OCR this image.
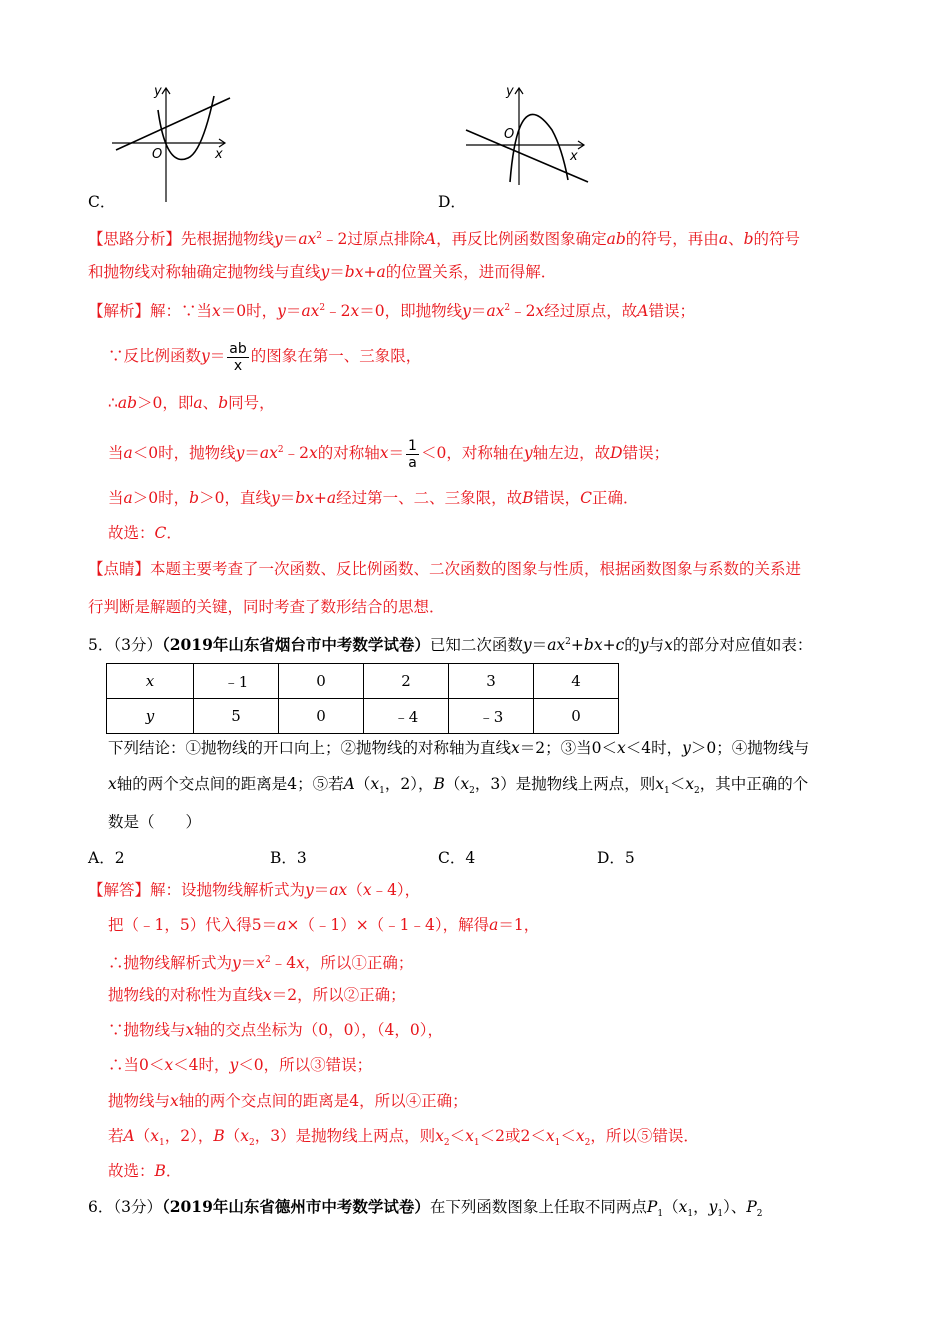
y
x
O
C．
y
x
O
D．
【思路分析】先根据抛物线$y=ax^2﹣2$过原点排除A，再反比例函数图象确定ab的符号，再由a、b的符号
和抛物线对称轴确定抛物线与直线y＝bx+a的位置关系，进而得解．
【解析】解：∵当x＝0时，$y=ax^2﹣2x=0$，即抛物线$y=ax^2﹣2x$经过原点，故A错误；
∵反比例函数$y= \frac{ab}{x}$ 的图象在第一、三象限，
∴ab＞0，即a、b同号，
当a＜0时，抛物线$y=ax^2﹣2x$的对称轴$x= \frac{1}{a} <0$，对称轴在y轴左边，故D错误；
当a＞0时，b＞0，直线y＝bx+a经过第一、二、三象限，故B错误，C正确．
故选：C．
【点睛】本题主要考查了一次函数、反比例函数、二次函数的图象与性质，根据函数图象与系数的关系进
行判断是解题的关键，同时考查了数形结合的思想．
5．（3分）（2019年山东省烟台市中考数学试卷）已知二次函数$y=ax^2+bx+c$的y与x的部分对应值如表：
x	﹣1	0	2	3	4
y	5	0	﹣4	﹣3	0
下列结论：①抛物线的开口向上；②抛物线的对称轴为直线x＝2；③当0＜x＜4时，y＞0；④抛物线与
x轴的两个交点间的距离是4；⑤若$A(x_1$，2），$B(x_2$，3）是抛物线上两点，则$x_1<x_2$，其中正确的个
数是（　　）
A．2	B．3	C．4	D．5
【解答】解：设抛物线解析式为y＝ax（x﹣4），
把（﹣1，5）代入得5＝a×（﹣1）×（﹣1﹣4），解得a＝1，
∴抛物线解析式为$y=x^2﹣4x$，所以①正确；
抛物线的对称性为直线x＝2，所以②正确；
∵抛物线与x轴的交点坐标为（0，0），（4，0），
∴当0＜x＜4时，y＜0，所以③错误；
抛物线与x轴的两个交点间的距离是4，所以④正确；
若$A(x_1$，2），$B(x_2$，3）是抛物线上两点，则$x_2<x_1<2$或$2<x_1<x_2$，所以⑤错误．
故选：B．
6．（3分）（2019年山东省德州市中考数学试卷）在下列函数图象上任取不同两点$P_1(x_1$，$y_1$）、$P_2$
